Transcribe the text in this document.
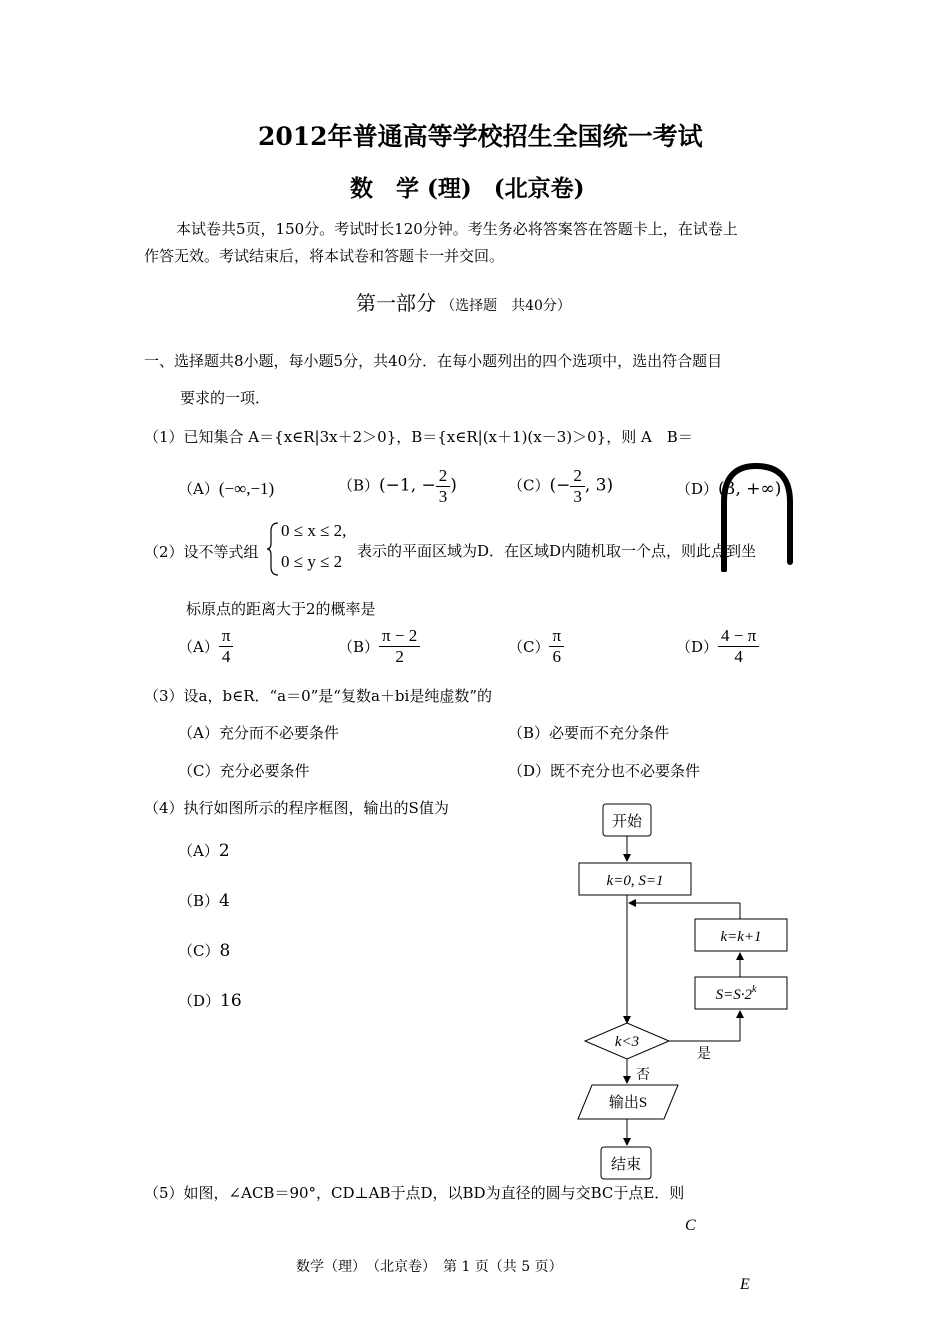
2012年普通高等学校招生全国统一考试
数　学 (理) (北京卷)
本试卷共5页，150分。考试时长120分钟。考生务必将答案答在答题卡上，在试卷上
作答无效。考试结束后，将本试卷和答题卡一并交回。
第一部分 （选择题　共40分）
一、选择题共8小题，每小题5分，共40分．在每小题列出的四个选项中，选出符合题目
要求的一项．
（1）已知集合 A＝{x∈R|3x＋2＞0}，B＝{x∈R|(x＋1)(x－3)＞0}，则 A　B＝
（A）(−∞,−1)	（B）(−1, − $\frac{2}{3}$ )	$(C)(- \frac{2}{3}$ , 3)	（D）(3, +∞)
（2）设不等式组
0 ≤ x ≤ 2,
0 ≤ y ≤ 2
表示的平面区域为D．在区域D内随机取一个点，则此点到坐
标原点的距离大于2的概率是
$(A) \frac{\pi}{4}$	$(B) \frac{\pi - 2}{2}$	$(C) \frac{\pi}{6}$	$(D) \frac{4 - \pi}{4}$
（3）设a，b∈R．“a＝0”是“复数a＋bi是纯虚数”的
（A）充分而不必要条件	（B）必要而不充分条件
（C）充分必要条件	（D）既不充分也不必要条件
（4）执行如图所示的程序框图，输出的S值为
（A）2
（B）4
（C）8
（D）16
开始
k=0, S=1
k=k+1
$S=S\cdot 2^k$
k<3
是
否
输出S
结束
（5）如图，∠ACB＝90°，CD⊥AB于点D，以BD为直径的圆与交BC于点E．则
C
数学（理）　（北京卷）　第 1 页（共 5 页）
E
